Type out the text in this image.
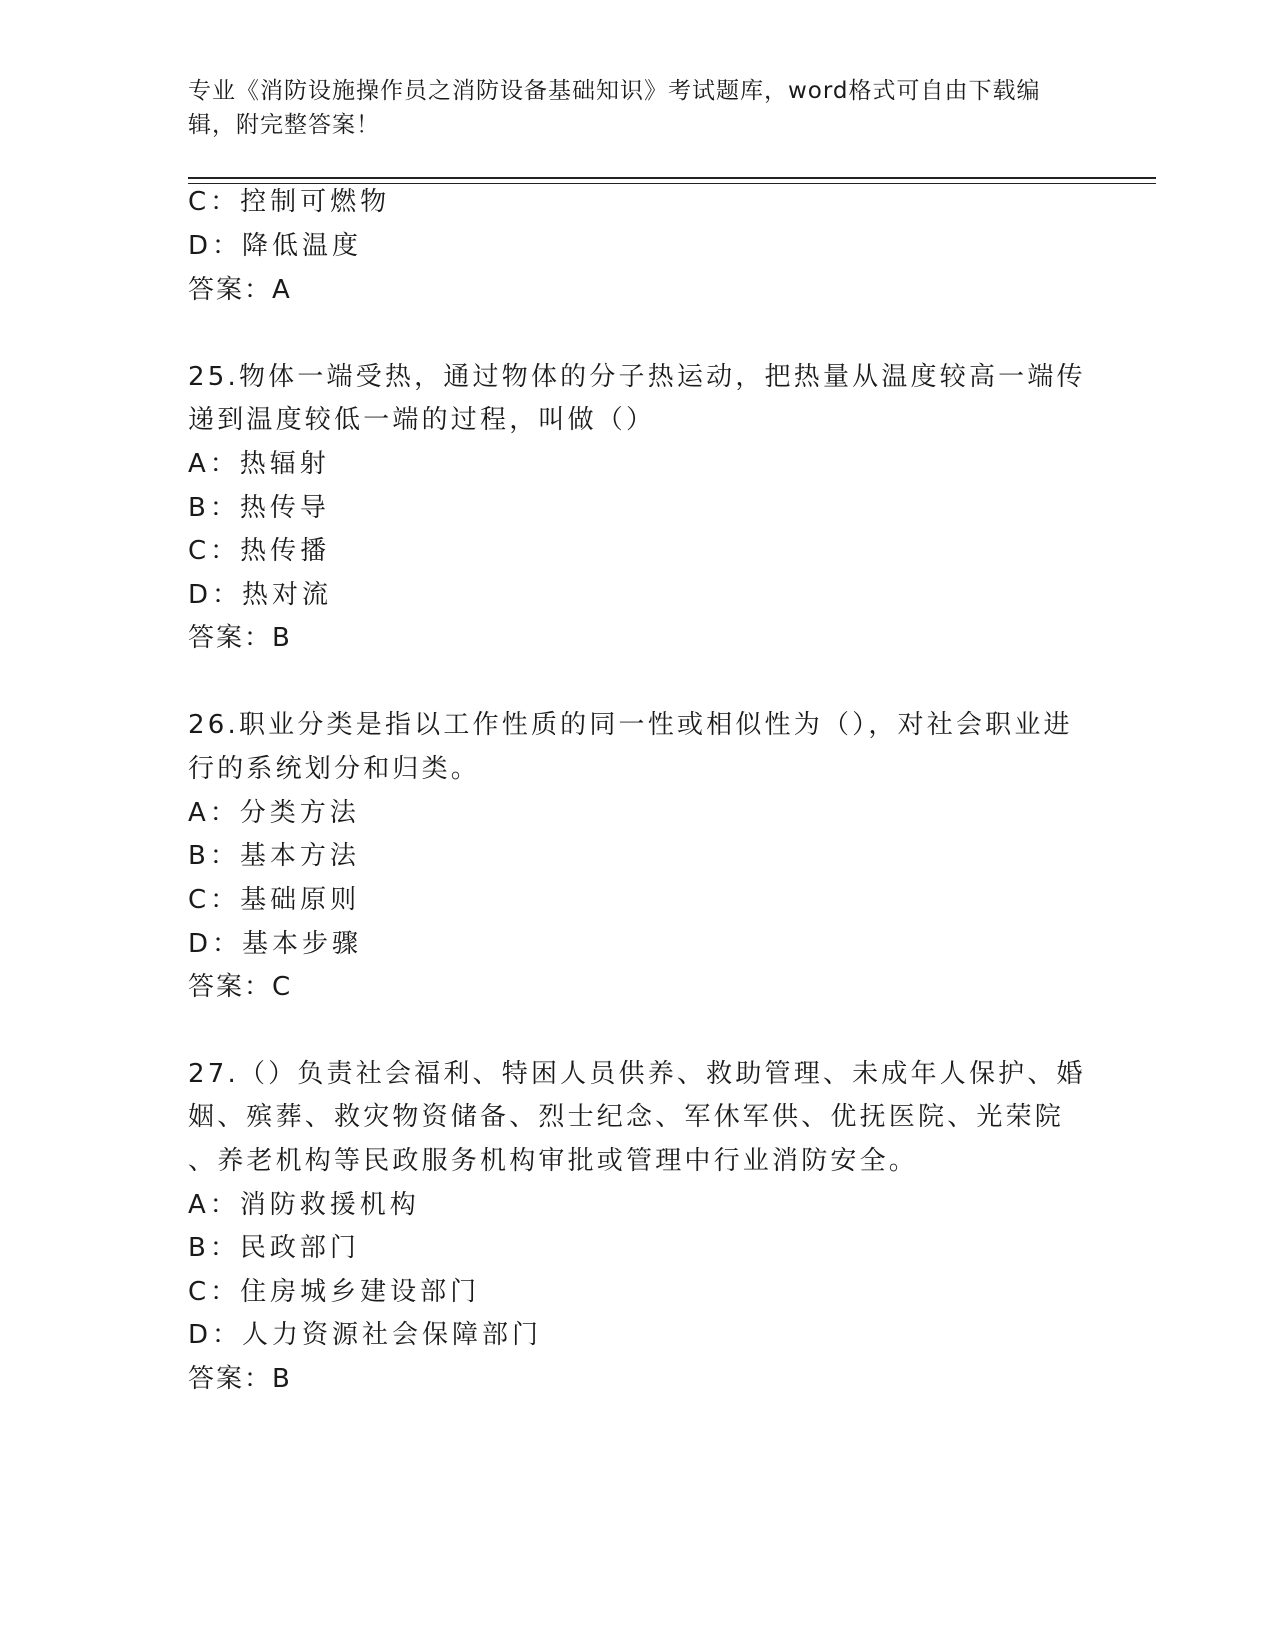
专业《消防设施操作员之消防设备基础知识》考试题库，word格式可自由下载编
辑，附完整答案！
C：控制可燃物
D：降低温度
答案：A
25.物体一端受热，通过物体的分子热运动，把热量从温度较高一端传
递到温度较低一端的过程，叫做（）
A：热辐射
B：热传导
C：热传播
D：热对流
答案：B
26.职业分类是指以工作性质的同一性或相似性为（），对社会职业进
行的系统划分和归类。
A：分类方法
B：基本方法
C：基础原则
D：基本步骤
答案：C
27.（）负责社会福利、特困人员供养、救助管理、未成年人保护、婚
姻、殡葬、救灾物资储备、烈士纪念、军休军供、优抚医院、光荣院
、养老机构等民政服务机构审批或管理中行业消防安全。
A：消防救援机构
B：民政部门
C：住房城乡建设部门
D：人力资源社会保障部门
答案：B
